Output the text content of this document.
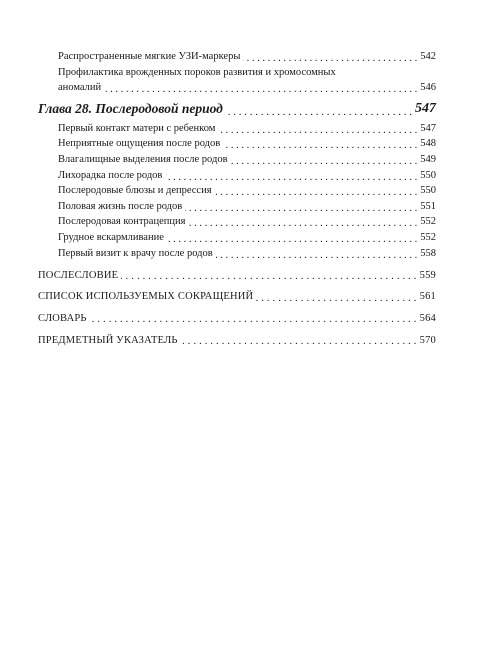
Распространенные мягкие УЗИ-маркеры . . .	542
Профилактика врожденных пороков развития и хромосомных
аномалий . . .	546
Глава 28. Послеродовой период . . .	547
Первый контакт матери с ребенком . . .	547
Неприятные ощущения после родов . . .	548
Влагалищные выделения после родов . . .	549
Лихорадка после родов . . .	550
Послеродовые блюзы и депрессия . . .	550
Половая жизнь после родов . . .	551
Послеродовая контрацепция . . .	552
Грудное вскармливание . . .	552
Первый визит к врачу после родов . . .	558
ПОСЛЕСЛОВИЕ . . .	559
СПИСОК ИСПОЛЬЗУЕМЫХ СОКРАЩЕНИЙ . . .	561
СЛОВАРЬ . . .	564
ПРЕДМЕТНЫЙ УКАЗАТЕЛЬ . . .	570
